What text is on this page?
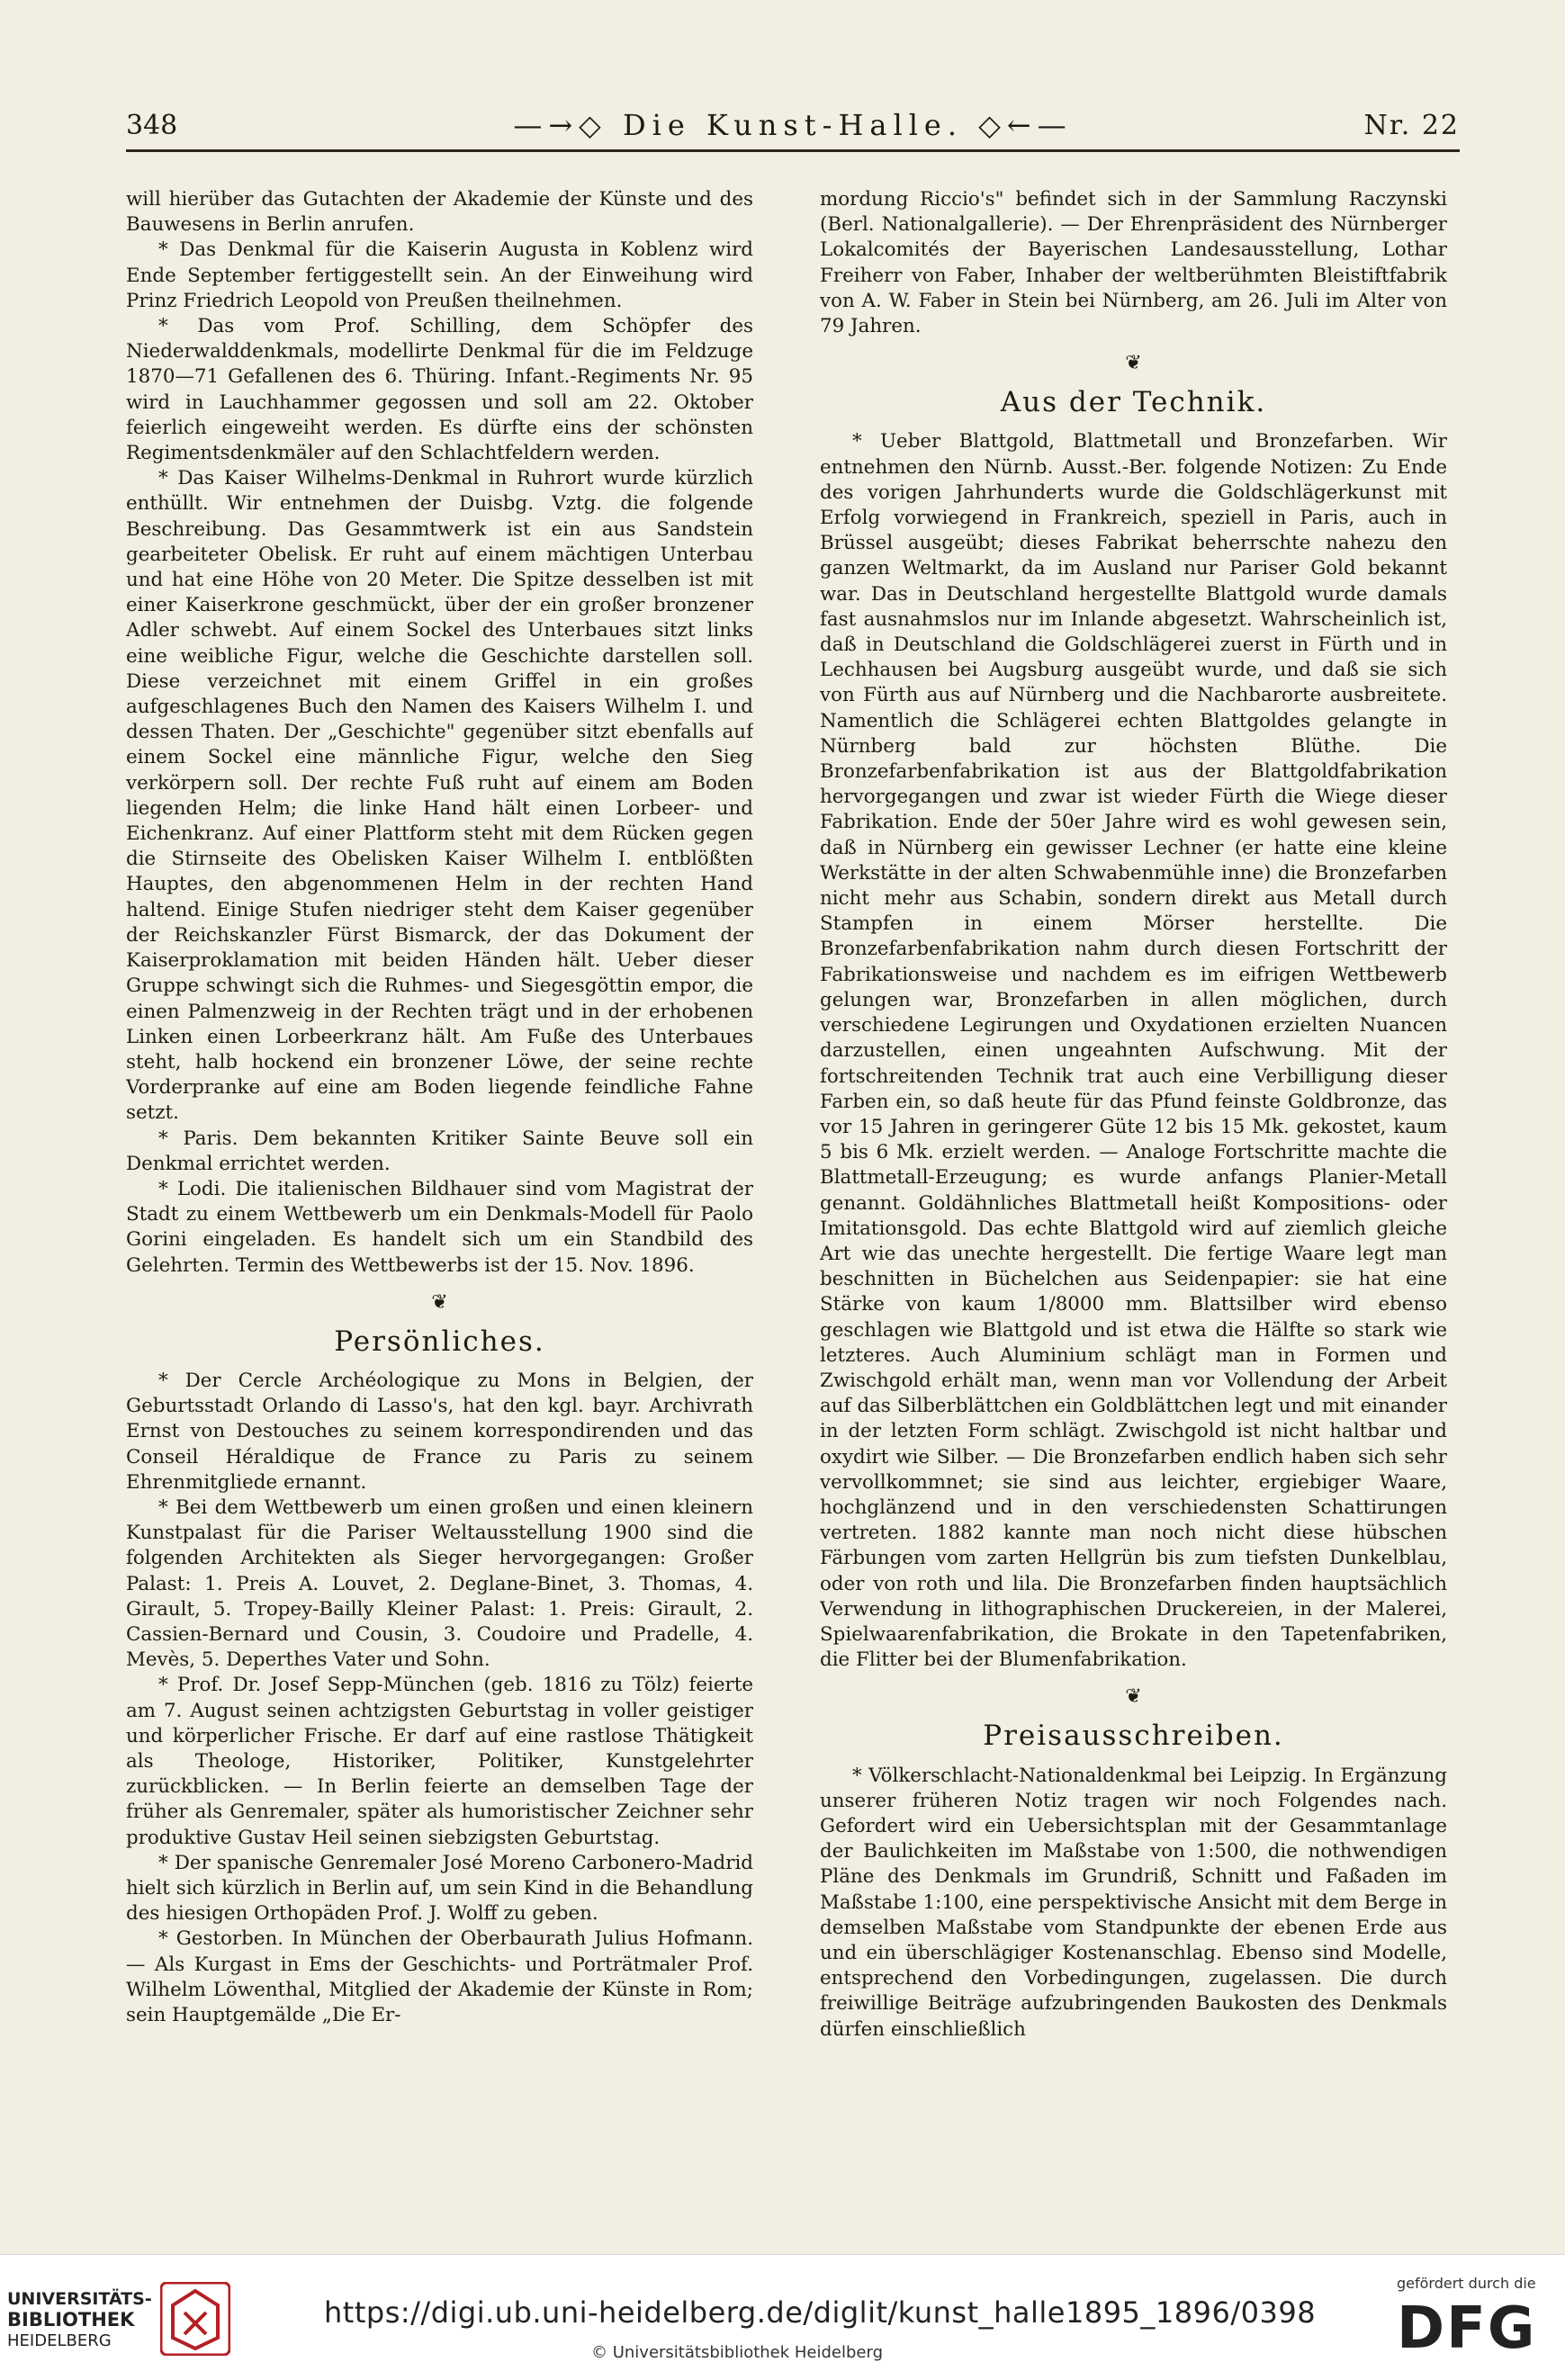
348	—→◇ Die Kunst-Halle. ◇←—	Nr. 22

will hierüber das Gutachten der Akademie der Künste und des Bauwesens in Berlin anrufen.

* Das Denkmal für die Kaiserin Augusta in Koblenz wird Ende September fertiggestellt sein. An der Einweihung wird Prinz Friedrich Leopold von Preußen theilnehmen.

* Das vom Prof. Schilling, dem Schöpfer des Niederwalddenkmals, modellirte Denkmal für die im Feldzuge 1870—71 Gefallenen des 6. Thüring. Infant.-Regiments Nr. 95 wird in Lauchhammer gegossen und soll am 22. Oktober feierlich eingeweiht werden. Es dürfte eins der schönsten Regimentsdenkmäler auf den Schlachtfeldern werden.

* Das Kaiser Wilhelms-Denkmal in Ruhrort wurde kürzlich enthüllt. Wir entnehmen der Duisbg. Vztg. die folgende Beschreibung. Das Gesammtwerk ist ein aus Sandstein gearbeiteter Obelisk. Er ruht auf einem mächtigen Unterbau und hat eine Höhe von 20 Meter. Die Spitze desselben ist mit einer Kaiserkrone geschmückt, über der ein großer bronzener Adler schwebt. Auf einem Sockel des Unterbaues sitzt links eine weibliche Figur, welche die Geschichte darstellen soll. Diese verzeichnet mit einem Griffel in ein großes aufgeschlagenes Buch den Namen des Kaisers Wilhelm I. und dessen Thaten. Der „Geschichte" gegenüber sitzt ebenfalls auf einem Sockel eine männliche Figur, welche den Sieg verkörpern soll. Der rechte Fuß ruht auf einem am Boden liegenden Helm; die linke Hand hält einen Lorbeer- und Eichenkranz. Auf einer Plattform steht mit dem Rücken gegen die Stirnseite des Obelisken Kaiser Wilhelm I. entblößten Hauptes, den abgenommenen Helm in der rechten Hand haltend. Einige Stufen niedriger steht dem Kaiser gegenüber der Reichskanzler Fürst Bismarck, der das Dokument der Kaiserproklamation mit beiden Händen hält. Ueber dieser Gruppe schwingt sich die Ruhmes- und Siegesgöttin empor, die einen Palmenzweig in der Rechten trägt und in der erhobenen Linken einen Lorbeerkranz hält. Am Fuße des Unterbaues steht, halb hockend ein bronzener Löwe, der seine rechte Vorderpranke auf eine am Boden liegende feindliche Fahne setzt.

* Paris. Dem bekannten Kritiker Sainte Beuve soll ein Denkmal errichtet werden.

* Lodi. Die italienischen Bildhauer sind vom Magistrat der Stadt zu einem Wettbewerb um ein Denkmals-Modell für Paolo Gorini eingeladen. Es handelt sich um ein Standbild des Gelehrten. Termin des Wettbewerbs ist der 15. Nov. 1896.

❦
Persönliches.

* Der Cercle Archéologique zu Mons in Belgien, der Geburtsstadt Orlando di Lasso's, hat den kgl. bayr. Archivrath Ernst von Destouches zu seinem korrespondirenden und das Conseil Héraldique de France zu Paris zu seinem Ehrenmitgliede ernannt.

* Bei dem Wettbewerb um einen großen und einen kleinern Kunstpalast für die Pariser Weltausstellung 1900 sind die folgenden Architekten als Sieger hervorgegangen: Großer Palast: 1. Preis A. Louvet, 2. Deglane-Binet, 3. Thomas, 4. Girault, 5. Tropey-Bailly Kleiner Palast: 1. Preis: Girault, 2. Cassien-Bernard und Cousin, 3. Coudoire und Pradelle, 4. Mevès, 5. Deperthes Vater und Sohn.

* Prof. Dr. Josef Sepp-München (geb. 1816 zu Tölz) feierte am 7. August seinen achtzigsten Geburtstag in voller geistiger und körperlicher Frische. Er darf auf eine rastlose Thätigkeit als Theologe, Historiker, Politiker, Kunstgelehrter zurückblicken. — In Berlin feierte an demselben Tage der früher als Genremaler, später als humoristischer Zeichner sehr produktive Gustav Heil seinen siebzigsten Geburtstag.

* Der spanische Genremaler José Moreno Carbonero-Madrid hielt sich kürzlich in Berlin auf, um sein Kind in die Behandlung des hiesigen Orthopäden Prof. J. Wolff zu geben.

* Gestorben. In München der Oberbaurath Julius Hofmann. — Als Kurgast in Ems der Geschichts- und Porträtmaler Prof. Wilhelm Löwenthal, Mitglied der Akademie der Künste in Rom; sein Hauptgemälde „Die Er-

mordung Riccio's" befindet sich in der Sammlung Raczynski (Berl. Nationalgallerie). — Der Ehrenpräsident des Nürnberger Lokalcomités der Bayerischen Landesausstellung, Lothar Freiherr von Faber, Inhaber der weltberühmten Bleistiftfabrik von A. W. Faber in Stein bei Nürnberg, am 26. Juli im Alter von 79 Jahren.

❦
Aus der Technik.

* Ueber Blattgold, Blattmetall und Bronzefarben. Wir entnehmen den Nürnb. Ausst.-Ber. folgende Notizen: Zu Ende des vorigen Jahrhunderts wurde die Goldschlägerkunst mit Erfolg vorwiegend in Frankreich, speziell in Paris, auch in Brüssel ausgeübt; dieses Fabrikat beherrschte nahezu den ganzen Weltmarkt, da im Ausland nur Pariser Gold bekannt war. Das in Deutschland hergestellte Blattgold wurde damals fast ausnahmslos nur im Inlande abgesetzt. Wahrscheinlich ist, daß in Deutschland die Goldschlägerei zuerst in Fürth und in Lechhausen bei Augsburg ausgeübt wurde, und daß sie sich von Fürth aus auf Nürnberg und die Nachbarorte ausbreitete. Namentlich die Schlägerei echten Blattgoldes gelangte in Nürnberg bald zur höchsten Blüthe. Die Bronzefarbenfabrikation ist aus der Blattgoldfabrikation hervorgegangen und zwar ist wieder Fürth die Wiege dieser Fabrikation. Ende der 50er Jahre wird es wohl gewesen sein, daß in Nürnberg ein gewisser Lechner (er hatte eine kleine Werkstätte in der alten Schwabenmühle inne) die Bronzefarben nicht mehr aus Schabin, sondern direkt aus Metall durch Stampfen in einem Mörser herstellte. Die Bronzefarbenfabrikation nahm durch diesen Fortschritt der Fabrikationsweise und nachdem es im eifrigen Wettbewerb gelungen war, Bronzefarben in allen möglichen, durch verschiedene Legirungen und Oxydationen erzielten Nuancen darzustellen, einen ungeahnten Aufschwung. Mit der fortschreitenden Technik trat auch eine Verbilligung dieser Farben ein, so daß heute für das Pfund feinste Goldbronze, das vor 15 Jahren in geringerer Güte 12 bis 15 Mk. gekostet, kaum 5 bis 6 Mk. erzielt werden. — Analoge Fortschritte machte die Blattmetall-Erzeugung; es wurde anfangs Planier-Metall genannt. Goldähnliches Blattmetall heißt Kompositions- oder Imitationsgold. Das echte Blattgold wird auf ziemlich gleiche Art wie das unechte hergestellt. Die fertige Waare legt man beschnitten in Büchelchen aus Seidenpapier: sie hat eine Stärke von kaum 1/8000 mm. Blattsilber wird ebenso geschlagen wie Blattgold und ist etwa die Hälfte so stark wie letzteres. Auch Aluminium schlägt man in Formen und Zwischgold erhält man, wenn man vor Vollendung der Arbeit auf das Silberblättchen ein Goldblättchen legt und mit einander in der letzten Form schlägt. Zwischgold ist nicht haltbar und oxydirt wie Silber. — Die Bronzefarben endlich haben sich sehr vervollkommnet; sie sind aus leichter, ergiebiger Waare, hochglänzend und in den verschiedensten Schattirungen vertreten. 1882 kannte man noch nicht diese hübschen Färbungen vom zarten Hellgrün bis zum tiefsten Dunkelblau, oder von roth und lila. Die Bronzefarben finden hauptsächlich Verwendung in lithographischen Druckereien, in der Malerei, Spielwaarenfabrikation, die Brokate in den Tapetenfabriken, die Flitter bei der Blumenfabrikation.

❦
Preisausschreiben.

* Völkerschlacht-Nationaldenkmal bei Leipzig. In Ergänzung unserer früheren Notiz tragen wir noch Folgendes nach. Gefordert wird ein Uebersichtsplan mit der Gesammtanlage der Baulichkeiten im Maßstabe von 1:500, die nothwendigen Pläne des Denkmals im Grundriß, Schnitt und Faßaden im Maßstabe 1:100, eine perspektivische Ansicht mit dem Berge in demselben Maßstabe vom Standpunkte der ebenen Erde aus und ein überschlägiger Kostenanschlag. Ebenso sind Modelle, entsprechend den Vorbedingungen, zugelassen. Die durch freiwillige Beiträge aufzubringenden Baukosten des Denkmals dürfen einschließlich

UNIVERSITÄTS-
BIBLIOTHEK
HEIDELBERG
https://digi.ub.uni-heidelberg.de/diglit/kunst_halle1895_1896/0398
© Universitätsbibliothek Heidelberg
gefördert durch die
DFG
